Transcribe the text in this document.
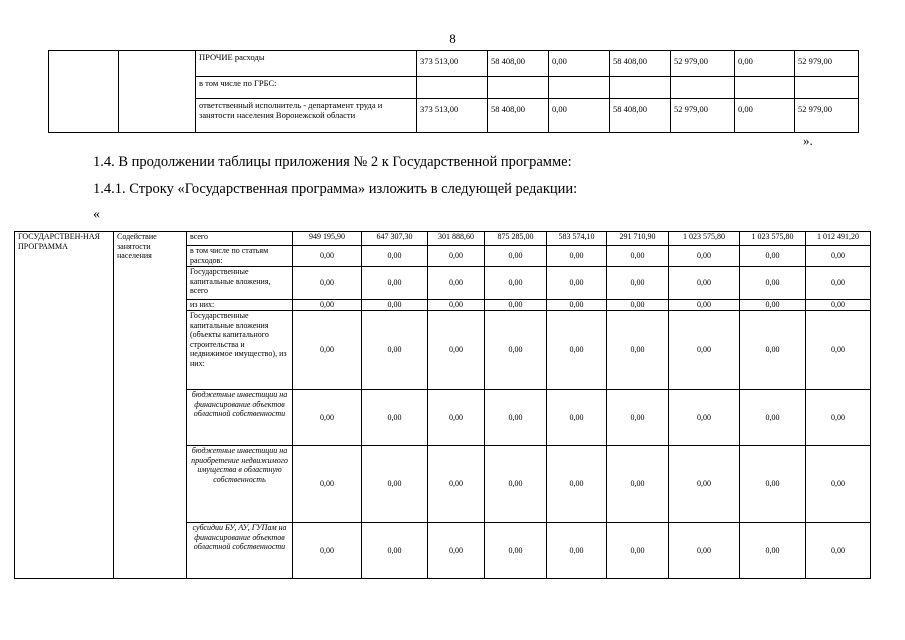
8
		ПРОЧИЕ расходы	373 513,00	58 408,00	0,00	58 408,00	52 979,00	0,00	52 979,00
		в том числе по ГРБС:							
		ответственный исполнитель - департамент труда и занятости населения Воронежской области	373 513,00	58 408,00	0,00	58 408,00	52 979,00	0,00	52 979,00
».
1.4. В продолжении таблицы приложения № 2 к Государственной программе:
1.4.1. Строку «Государственная программа» изложить в следующей редакции:
«
ГОСУДАРСТВЕН-НАЯ ПРОГРАММА	Содействие занятости населения	всего	949 195,90	647 307,30	301 888,60	875 285,00	583 574,10	291 710,90	1 023 575,80	1 023 575,80	1 012 491,20
		в том числе по статьям расходов:	0,00	0,00	0,00	0,00	0,00	0,00	0,00	0,00	0,00
		Государственные капитальные вложения, всего	0,00	0,00	0,00	0,00	0,00	0,00	0,00	0,00	0,00
		из них:	0,00	0,00	0,00	0,00	0,00	0,00	0,00	0,00	0,00
		Государственные капитальные вложения (объекты капитального строительства и недвижимое имущество), из них:	0,00	0,00	0,00	0,00	0,00	0,00	0,00	0,00	0,00
		бюджетные инвестиции на финансирование объектов областной собственности	0,00	0,00	0,00	0,00	0,00	0,00	0,00	0,00	0,00
		бюджетные инвестиции на приобретение недвижимого имущества в областную собственность	0,00	0,00	0,00	0,00	0,00	0,00	0,00	0,00	0,00
		субсидии БУ, АУ, ГУПам на финансирование объектов областной собственности	0,00	0,00	0,00	0,00	0,00	0,00	0,00	0,00	0,00
